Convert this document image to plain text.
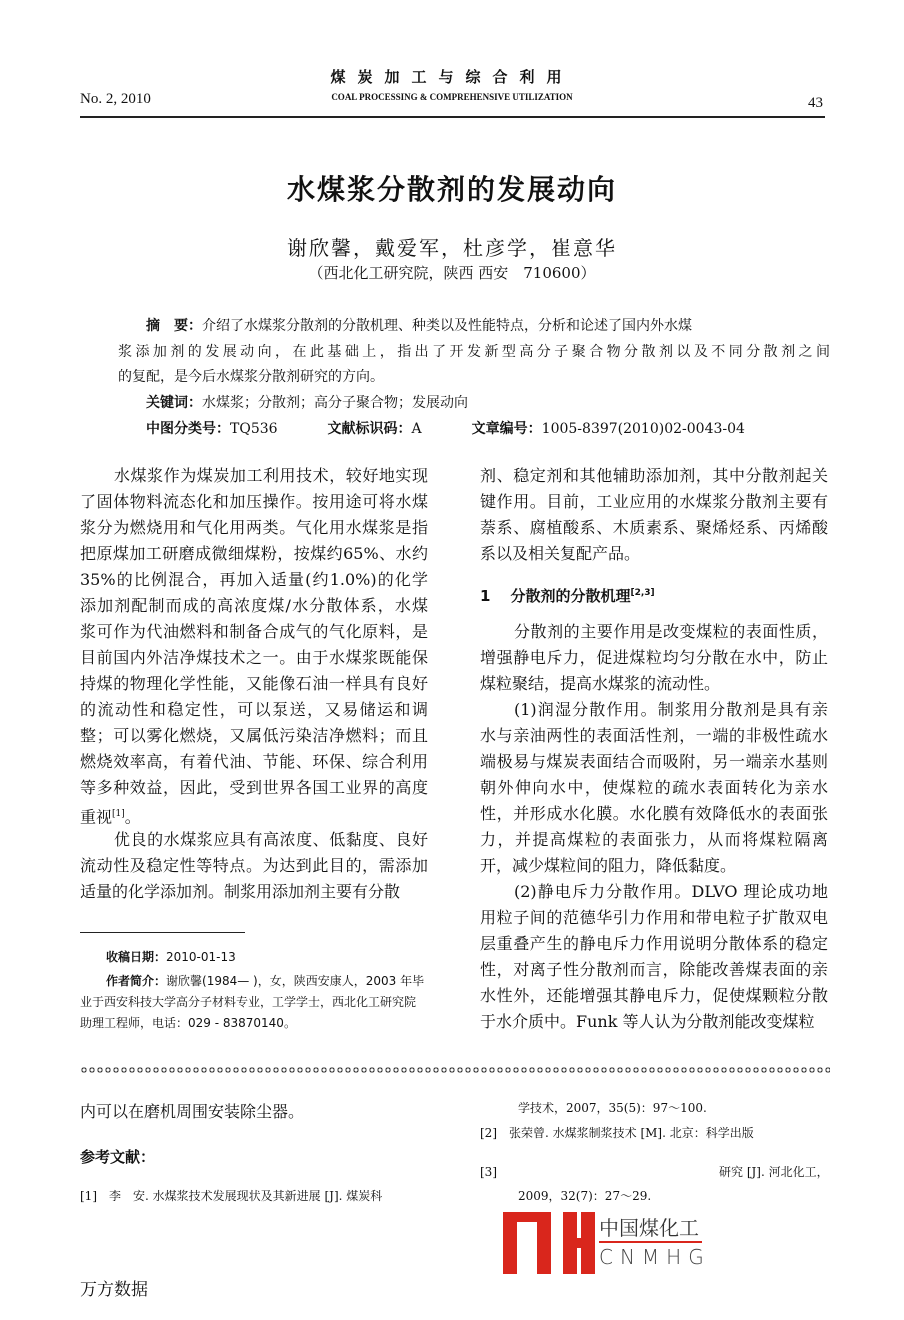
煤炭加工与综合利用
COAL PROCESSING & COMPREHENSIVE UTILIZATION
No. 2, 2010	43
水煤浆分散剂的发展动向
谢欣馨，戴爱军，杜彦学，崔意华
（西北化工研究院，陕西 西安　710600）
摘　要：介绍了水煤浆分散剂的分散机理、种类以及性能特点，分析和论述了国内外水煤
浆添加剂的发展动向，在此基础上，指出了开发新型高分子聚合物分散剂以及不同分散剂之间
的复配，是今后水煤浆分散剂研究的方向。
关键词：水煤浆；分散剂；高分子聚合物；发展动向
中图分类号：TQ536	文献标识码：A	文章编号：1005-8397(2010)02-0043-04
水煤浆作为煤炭加工利用技术，较好地实现
了固体物料流态化和加压操作。按用途可将水煤
浆分为燃烧用和气化用两类。气化用水煤浆是指
把原煤加工研磨成微细煤粉，按煤约65%、水约
35%的比例混合，再加入适量(约1.0%)的化学
添加剂配制而成的高浓度煤/水分散体系，水煤
浆可作为代油燃料和制备合成气的气化原料，是
目前国内外洁净煤技术之一。由于水煤浆既能保
持煤的物理化学性能，又能像石油一样具有良好
的流动性和稳定性，可以泵送，又易储运和调
整；可以雾化燃烧，又属低污染洁净燃料；而且
燃烧效率高，有着代油、节能、环保、综合利用
等多种效益，因此，受到世界各国工业界的高度
重视[1]。
优良的水煤浆应具有高浓度、低黏度、良好
流动性及稳定性等特点。为达到此目的，需添加
适量的化学添加剂。制浆用添加剂主要有分散
收稿日期：2010-01-13
作者简介：谢欣馨(1984— )，女，陕西安康人，2003 年毕
业于西安科技大学高分子材料专业，工学学士，西北化工研究院
助理工程师，电话：029 - 83870140。
剂、稳定剂和其他辅助添加剂，其中分散剂起关
键作用。目前，工业应用的水煤浆分散剂主要有
萘系、腐植酸系、木质素系、聚烯烃系、丙烯酸
系以及相关复配产品。
1 分散剂的分散机理[2,3]
分散剂的主要作用是改变煤粒的表面性质，
增强静电斥力，促进煤粒均匀分散在水中，防止
煤粒聚结，提高水煤浆的流动性。
(1)润湿分散作用。制浆用分散剂是具有亲
水与亲油两性的表面活性剂，一端的非极性疏水
端极易与煤炭表面结合而吸附，另一端亲水基则
朝外伸向水中，使煤粒的疏水表面转化为亲水
性，并形成水化膜。水化膜有效降低水的表面张
力，并提高煤粒的表面张力，从而将煤粒隔离
开，减少煤粒间的阻力，降低黏度。
(2)静电斥力分散作用。DLVO 理论成功地
用粒子间的范德华引力作用和带电粒子扩散双电
层重叠产生的静电斥力作用说明分散体系的稳定
性，对离子性分散剂而言，除能改善煤表面的亲
水性外，还能增强其静电斥力，促使煤颗粒分散
于水介质中。Funk 等人认为分散剂能改变煤粒
内可以在磨机周围安装除尘器。
参考文献：
[1]　 李　安. 水煤浆技术发展现状及其新进展 [J]. 煤炭科
学技术，2007，35(5)：97～100.
[2]　 张荣曾. 水煤浆制浆技术 [M]. 北京：科学出版
[3]	研究 [J]. 河北化工，
2009，32(7)：27～29.
中国煤化工
CNMHG
万方数据
